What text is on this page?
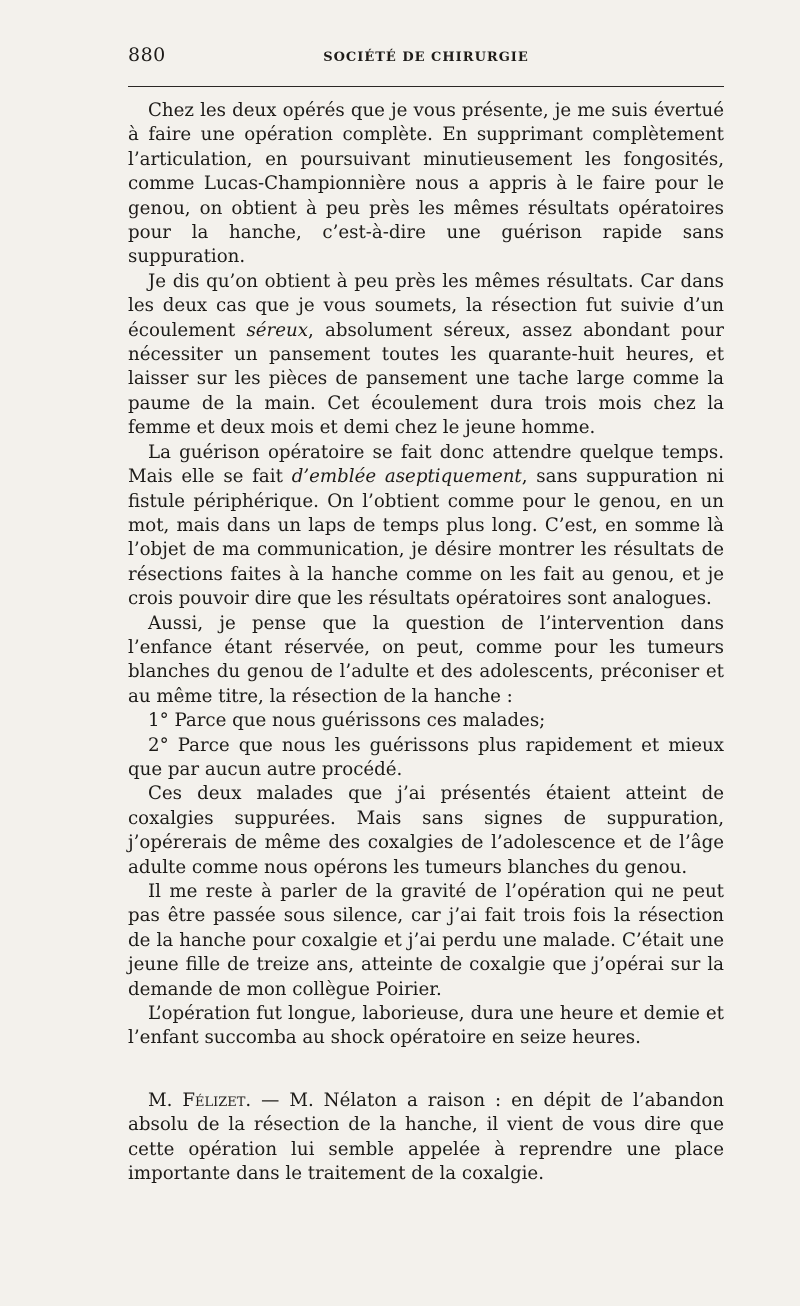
880	SOCIÉTÉ DE CHIRURGIE

Chez les deux opérés que je vous présente, je me suis évertué à faire une opération complète. En supprimant complètement l’articulation, en poursuivant minutieusement les fongosités, comme Lucas-Championnière nous a appris à le faire pour le genou, on obtient à peu près les mêmes résultats opératoires pour la hanche, c’est-à-dire une guérison rapide sans suppuration.

Je dis qu’on obtient à peu près les mêmes résultats. Car dans les deux cas que je vous soumets, la résection fut suivie d’un écoulement séreux, absolument séreux, assez abondant pour nécessiter un pansement toutes les quarante-huit heures, et laisser sur les pièces de pansement une tache large comme la paume de la main. Cet écoulement dura trois mois chez la femme et deux mois et demi chez le jeune homme.

La guérison opératoire se fait donc attendre quelque temps. Mais elle se fait d’emblée aseptiquement, sans suppuration ni fistule périphérique. On l’obtient comme pour le genou, en un mot, mais dans un laps de temps plus long. C’est, en somme là l’objet de ma communication, je désire montrer les résultats de résections faites à la hanche comme on les fait au genou, et je crois pouvoir dire que les résultats opératoires sont analogues.

Aussi, je pense que la question de l’intervention dans l’enfance étant réservée, on peut, comme pour les tumeurs blanches du genou de l’adulte et des adolescents, préconiser et au même titre, la résection de la hanche :

1° Parce que nous guérissons ces malades;

2° Parce que nous les guérissons plus rapidement et mieux que par aucun autre procédé.

Ces deux malades que j’ai présentés étaient atteint de coxalgies suppurées. Mais sans signes de suppuration, j’opérerais de même des coxalgies de l’adolescence et de l’âge adulte comme nous opérons les tumeurs blanches du genou.

Il me reste à parler de la gravité de l’opération qui ne peut pas être passée sous silence, car j’ai fait trois fois la résection de la hanche pour coxalgie et j’ai perdu une malade. C’était une jeune fille de treize ans, atteinte de coxalgie que j’opérai sur la demande de mon collègue Poirier.

L’opération fut longue, laborieuse, dura une heure et demie et l’enfant succomba au shock opératoire en seize heures.

M. Félizet. — M. Nélaton a raison : en dépit de l’abandon absolu de la résection de la hanche, il vient de vous dire que cette opération lui semble appelée à reprendre une place importante dans le traitement de la coxalgie.
